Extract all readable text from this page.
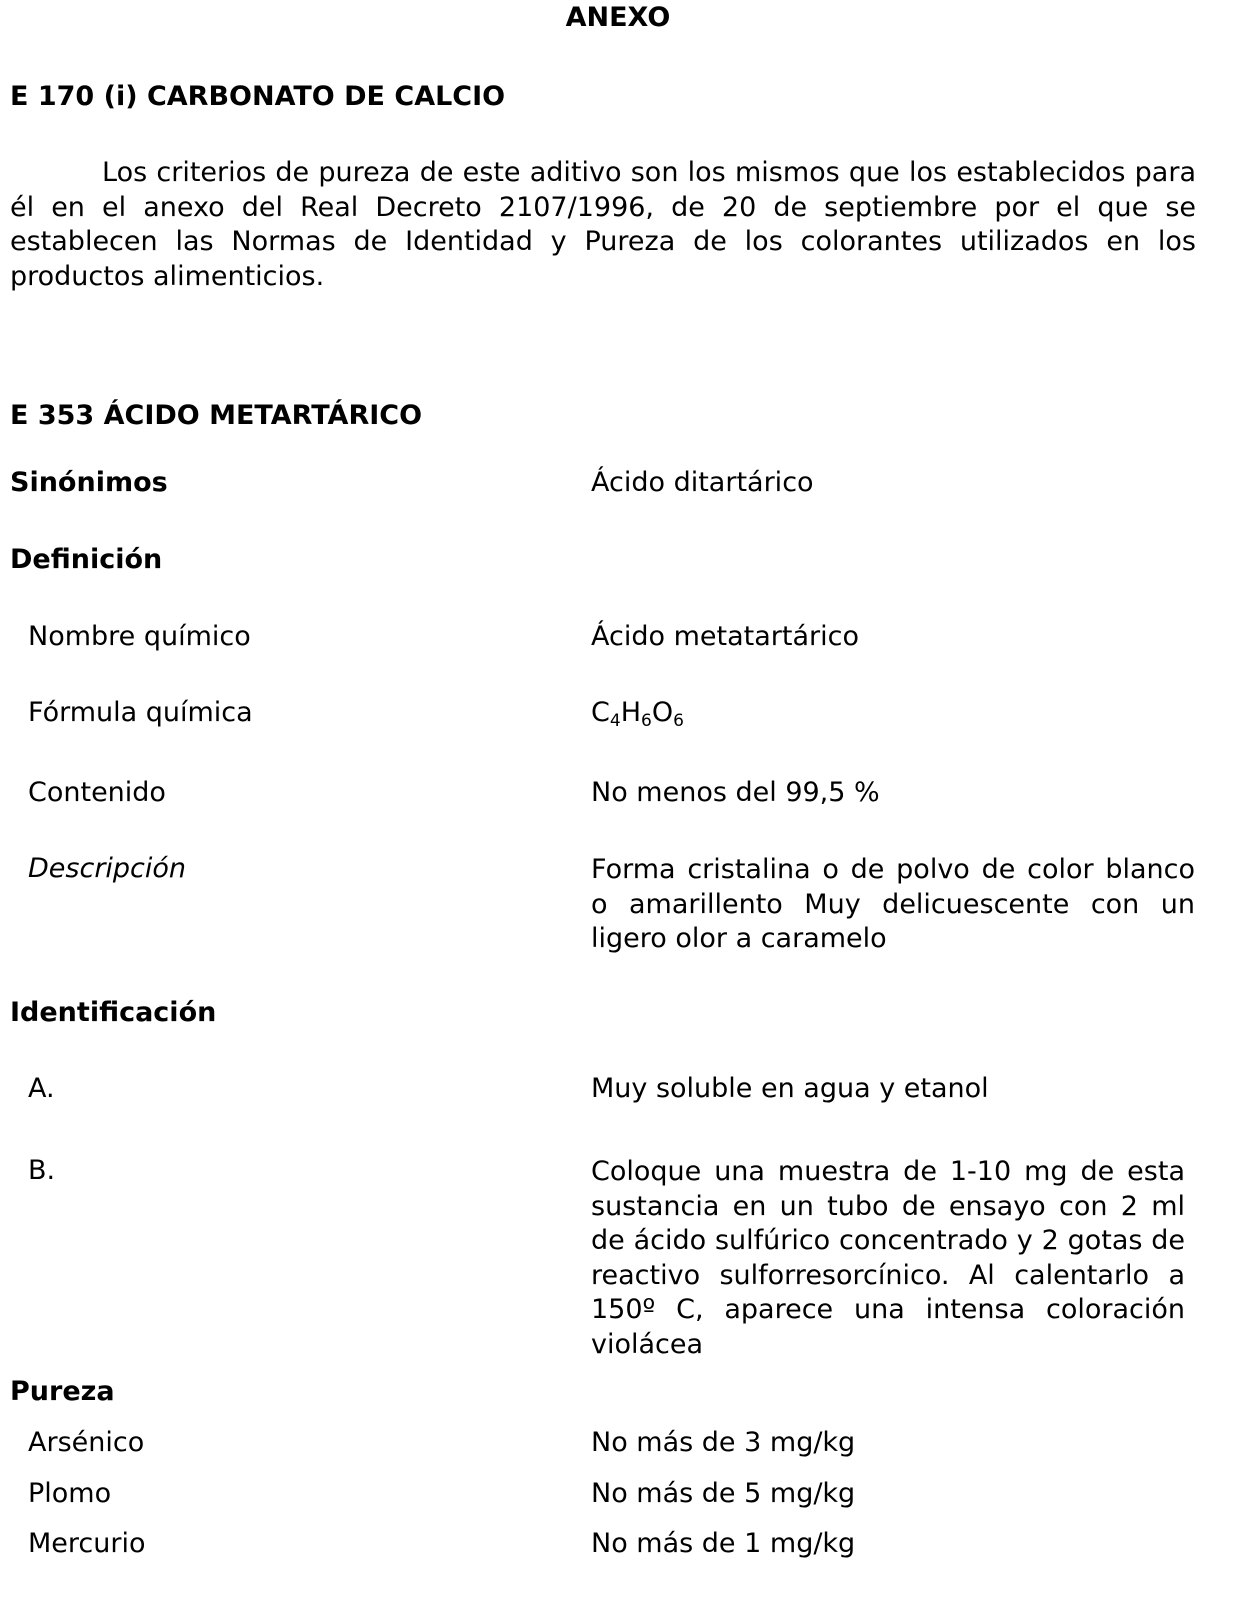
ANEXO
E 170 (i) CARBONATO DE CALCIO
Los criterios de pureza de este aditivo son los mismos que los establecidos para él en el anexo del Real Decreto 2107/1996, de 20 de septiembre por el que se establecen las Normas de Identidad y Pureza de los colorantes utilizados en los productos alimenticios.
E 353 ÁCIDO METARTÁRICO
Sinónimos	Ácido ditartárico
Definición
Nombre químico	Ácido metatartárico
Fórmula química	$C_4H_6O_6$
Contenido	No menos del 99,5 %
Descripción	Forma cristalina o de polvo de color blanco o amarillento Muy delicuescente con un ligero olor a caramelo
Identificación
A.	Muy soluble en agua y etanol
B.	Coloque una muestra de 1-10 mg de esta sustancia en un tubo de ensayo con 2 ml de ácido sulfúrico concentrado y 2 gotas de reactivo sulforresorcínico. Al calentarlo a 150º C, aparece una intensa coloración violácea
Pureza
Arsénico	No más de 3 mg/kg
Plomo	No más de 5 mg/kg
Mercurio	No más de 1 mg/kg
